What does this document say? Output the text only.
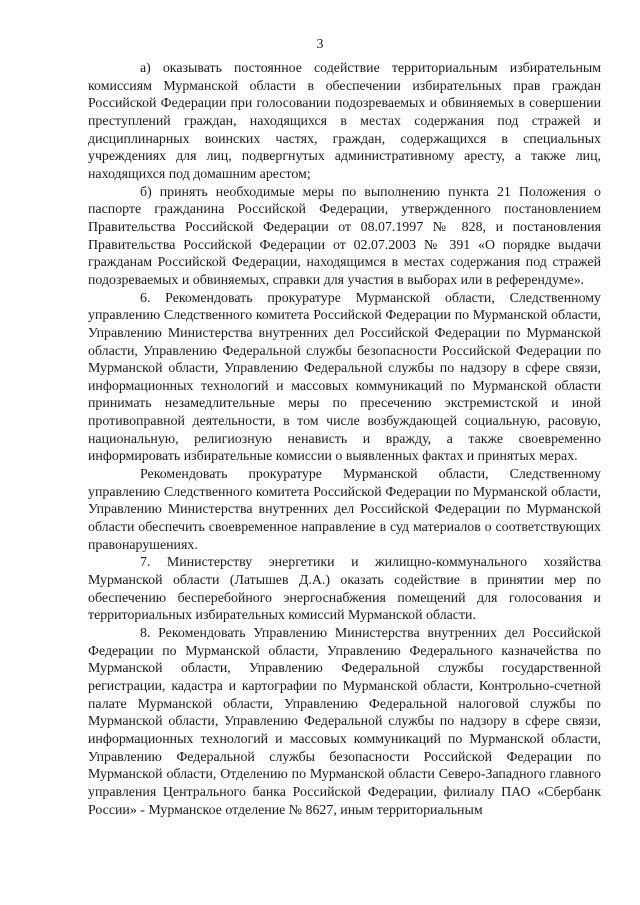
3

а) оказывать постоянное содействие территориальным избирательным комиссиям Мурманской области в обеспечении избирательных прав граждан Российской Федерации при голосовании подозреваемых и обвиняемых в совершении преступлений граждан, находящихся в местах содержания под стражей и дисциплинарных воинских частях, граждан, содержащихся в специальных учреждениях для лиц, подвергнутых административному аресту, а также лиц, находящихся под домашним арестом;

б) принять необходимые меры по выполнению пункта 21 Положения о паспорте гражданина Российской Федерации, утвержденного постановлением Правительства Российской Федерации от 08.07.1997 № 828, и постановления Правительства Российской Федерации от 02.07.2003 № 391 «О порядке выдачи гражданам Российской Федерации, находящимся в местах содержания под стражей подозреваемых и обвиняемых, справки для участия в выборах или в референдуме».

6. Рекомендовать прокуратуре Мурманской области, Следственному управлению Следственного комитета Российской Федерации по Мурманской области, Управлению Министерства внутренних дел Российской Федерации по Мурманской области, Управлению Федеральной службы безопасности Российской Федерации по Мурманской области, Управлению Федеральной службы по надзору в сфере связи, информационных технологий и массовых коммуникаций по Мурманской области принимать незамедлительные меры по пресечению экстремистской и иной противоправной деятельности, в том числе возбуждающей социальную, расовую, национальную, религиозную ненависть и вражду, а также своевременно информировать избирательные комиссии о выявленных фактах и принятых мерах.

Рекомендовать прокуратуре Мурманской области, Следственному управлению Следственного комитета Российской Федерации по Мурманской области, Управлению Министерства внутренних дел Российской Федерации по Мурманской области обеспечить своевременное направление в суд материалов о соответствующих правонарушениях.

7. Министерству энергетики и жилищно-коммунального хозяйства Мурманской области (Латышев Д.А.) оказать содействие в принятии мер по обеспечению бесперебойного энергоснабжения помещений для голосования и территориальных избирательных комиссий Мурманской области.

8. Рекомендовать Управлению Министерства внутренних дел Российской Федерации по Мурманской области, Управлению Федерального казначейства по Мурманской области, Управлению Федеральной службы государственной регистрации, кадастра и картографии по Мурманской области, Контрольно-счетной палате Мурманской области, Управлению Федеральной налоговой службы по Мурманской области, Управлению Федеральной службы по надзору в сфере связи, информационных технологий и массовых коммуникаций по Мурманской области, Управлению Федеральной службы безопасности Российской Федерации по Мурманской области, Отделению по Мурманской области Северо-Западного главного управления Центрального банка Российской Федерации, филиалу ПАО «Сбербанк России» - Мурманское отделение № 8627, иным территориальным
